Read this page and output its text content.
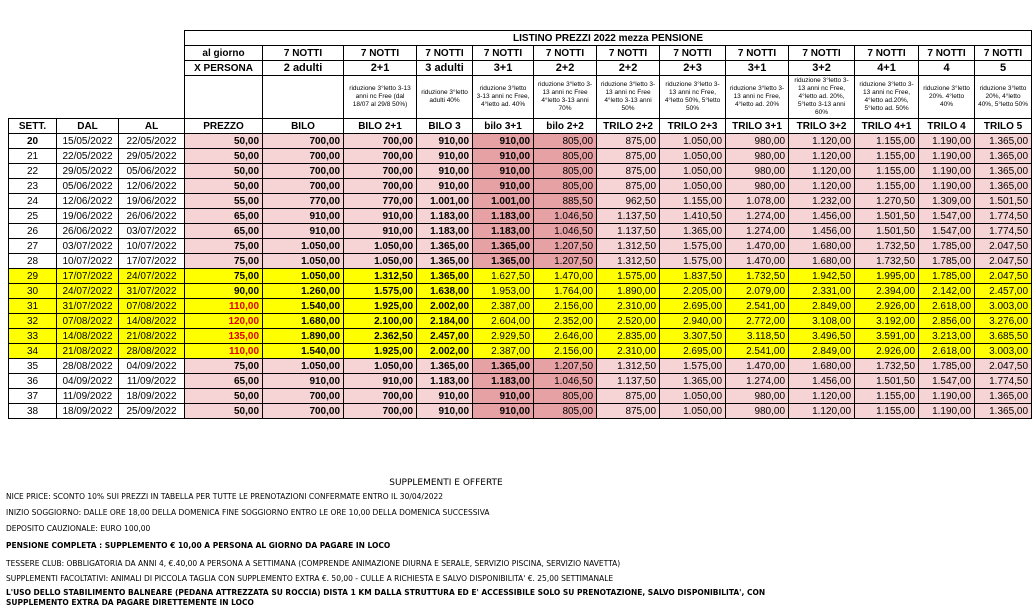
			LISTINO PREZZI 2022 mezza PENSIONE												
			al giorno	7 NOTTI	7 NOTTI	7 NOTTI	7 NOTTI	7 NOTTI	7 NOTTI	7 NOTTI	7 NOTTI	7 NOTTI	7 NOTTI	7 NOTTI	7 NOTTI
			X PERSONA	2 adulti	2+1	3 adulti	3+1	2+2	2+2	2+3	3+1	3+2	4+1	4	5
					riduzione 3°letto 3-13 anni nc Free (dal 18/07 al 29/8 50%)	riduzione 3°letto adulti 40%	riduzione 3°letto 3-13 anni nc Free, 4°letto ad. 40%	riduzione 3°letto 3-13 anni nc Free 4°letto 3-13 anni 70%	riduzione 3°letto 3-13 anni nc Free 4°letto 3-13 anni 50%	riduzione 3°letto 3-13 anni nc Free, 4°letto 50%, 5°letto 50%	riduzione 3°letto 3-13 anni nc Free, 4°letto ad. 20%	riduzione 3°letto 3-13 anni nc Free, 4°letto ad. 20%, 5°letto 3-13 anni 60%	riduzione 3°letto 3-13 anni nc Free, 4°letto ad.20%, 5°letto ad. 50%	riduzione 3°letto 20%. 4°letto 40%	riduzione 3°letto 20%, 4°letto 40%, 5°letto 50%
SETT.	DAL	AL	PREZZO	BILO	BILO 2+1	BILO 3	bilo 3+1	bilo 2+2	TRILO 2+2	TRILO 2+3	TRILO 3+1	TRILO 3+2	TRILO 4+1	TRILO 4	TRILO 5
20	15/05/2022	22/05/2022	50,00	700,00	700,00	910,00	910,00	805,00	875,00	1.050,00	980,00	1.120,00	1.155,00	1.190,00	1.365,00
21	22/05/2022	29/05/2022	50,00	700,00	700,00	910,00	910,00	805,00	875,00	1.050,00	980,00	1.120,00	1.155,00	1.190,00	1.365,00
22	29/05/2022	05/06/2022	50,00	700,00	700,00	910,00	910,00	805,00	875,00	1.050,00	980,00	1.120,00	1.155,00	1.190,00	1.365,00
23	05/06/2022	12/06/2022	50,00	700,00	700,00	910,00	910,00	805,00	875,00	1.050,00	980,00	1.120,00	1.155,00	1.190,00	1.365,00
24	12/06/2022	19/06/2022	55,00	770,00	770,00	1.001,00	1.001,00	885,50	962,50	1.155,00	1.078,00	1.232,00	1.270,50	1.309,00	1.501,50
25	19/06/2022	26/06/2022	65,00	910,00	910,00	1.183,00	1.183,00	1.046,50	1.137,50	1.410,50	1.274,00	1.456,00	1.501,50	1.547,00	1.774,50
26	26/06/2022	03/07/2022	65,00	910,00	910,00	1.183,00	1.183,00	1.046,50	1.137,50	1.365,00	1.274,00	1.456,00	1.501,50	1.547,00	1.774,50
27	03/07/2022	10/07/2022	75,00	1.050,00	1.050,00	1.365,00	1.365,00	1.207,50	1.312,50	1.575,00	1.470,00	1.680,00	1.732,50	1.785,00	2.047,50
28	10/07/2022	17/07/2022	75,00	1.050,00	1.050,00	1.365,00	1.365,00	1.207,50	1.312,50	1.575,00	1.470,00	1.680,00	1.732,50	1.785,00	2.047,50
29	17/07/2022	24/07/2022	75,00	1.050,00	1.312,50	1.365,00	1.627,50	1.470,00	1.575,00	1.837,50	1.732,50	1.942,50	1.995,00	1.785,00	2.047,50
30	24/07/2022	31/07/2022	90,00	1.260,00	1.575,00	1.638,00	1.953,00	1.764,00	1.890,00	2.205,00	2.079,00	2.331,00	2.394,00	2.142,00	2.457,00
31	31/07/2022	07/08/2022	110,00	1.540,00	1.925,00	2.002,00	2.387,00	2.156,00	2.310,00	2.695,00	2.541,00	2.849,00	2.926,00	2.618,00	3.003,00
32	07/08/2022	14/08/2022	120,00	1.680,00	2.100,00	2.184,00	2.604,00	2.352,00	2.520,00	2.940,00	2.772,00	3.108,00	3.192,00	2.856,00	3.276,00
33	14/08/2022	21/08/2022	135,00	1.890,00	2.362,50	2.457,00	2.929,50	2.646,00	2.835,00	3.307,50	3.118,50	3.496,50	3.591,00	3.213,00	3.685,50
34	21/08/2022	28/08/2022	110,00	1.540,00	1.925,00	2.002,00	2.387,00	2.156,00	2.310,00	2.695,00	2.541,00	2.849,00	2.926,00	2.618,00	3.003,00
35	28/08/2022	04/09/2022	75,00	1.050,00	1.050,00	1.365,00	1.365,00	1.207,50	1.312,50	1.575,00	1.470,00	1.680,00	1.732,50	1.785,00	2.047,50
36	04/09/2022	11/09/2022	65,00	910,00	910,00	1.183,00	1.183,00	1.046,50	1.137,50	1.365,00	1.274,00	1.456,00	1.501,50	1.547,00	1.774,50
37	11/09/2022	18/09/2022	50,00	700,00	700,00	910,00	910,00	805,00	875,00	1.050,00	980,00	1.120,00	1.155,00	1.190,00	1.365,00
38	18/09/2022	25/09/2022	50,00	700,00	700,00	910,00	910,00	805,00	875,00	1.050,00	980,00	1.120,00	1.155,00	1.190,00	1.365,00
SUPPLEMENTI E OFFERTE
NICE PRICE: SCONTO 10% SUI PREZZI IN TABELLA PER TUTTE LE PRENOTAZIONI CONFERMATE ENTRO IL 30/04/2022
INIZIO SOGGIORNO: DALLE ORE 18,00 DELLA DOMENICA FINE SOGGIORNO ENTRO LE ORE 10,00 DELLA DOMENICA SUCCESSIVA
DEPOSITO CAUZIONALE: EURO 100,00
PENSIONE COMPLETA : SUPPLEMENTO € 10,00 A PERSONA AL GIORNO DA PAGARE IN LOCO
TESSERE CLUB: OBBLIGATORIA DA ANNI 4, €.40,00 A PERSONA A SETTIMANA (COMPRENDE ANIMAZIONE DIURNA E SERALE, SERVIZIO PISCINA, SERVIZIO NAVETTA)
SUPPLEMENTI FACOLTATIVI: ANIMALI DI PICCOLA TAGLIA CON SUPPLEMENTO EXTRA €. 50,00 - CULLE A RICHIESTA E SALVO DISPONIBILITA' €. 25,00 SETTIMANALE
L'USO DELLO STABILIMENTO BALNEARE (PEDANA ATTREZZATA SU ROCCIA) DISTA 1 KM DALLA STRUTTURA ED E' ACCESSIBILE SOLO SU PRENOTAZIONE, SALVO DISPONIBILITA', CON SUPPLEMENTO EXTRA DA PAGARE DIRETTEMENTE IN LOCO
